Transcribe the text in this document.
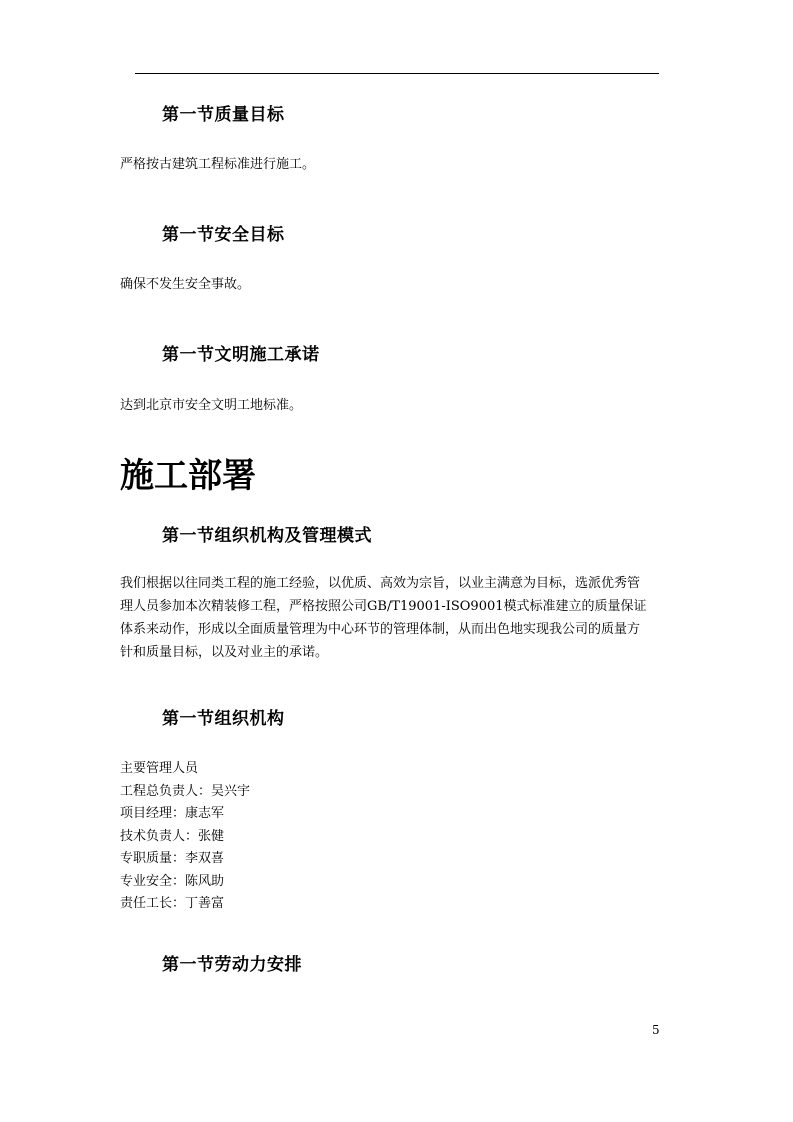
第一节质量目标
严格按古建筑工程标准进行施工。
第一节安全目标
确保不发生安全事故。
第一节文明施工承诺
达到北京市安全文明工地标准。
施工部署
第一节组织机构及管理模式
我们根据以往同类工程的施工经验，以优质、高效为宗旨，以业主满意为目标，选派优秀管
理人员参加本次精装修工程，严格按照公司GB/T19001-ISO9001模式标准建立的质量保证
体系来动作，形成以全面质量管理为中心环节的管理体制，从而出色地实现我公司的质量方
针和质量目标，以及对业主的承诺。
第一节组织机构
主要管理人员
工程总负责人：吴兴宇
项目经理：康志军
技术负责人：张健
专职质量：李双喜
专业安全：陈风助
责任工长：丁善富
第一节劳动力安排
5
